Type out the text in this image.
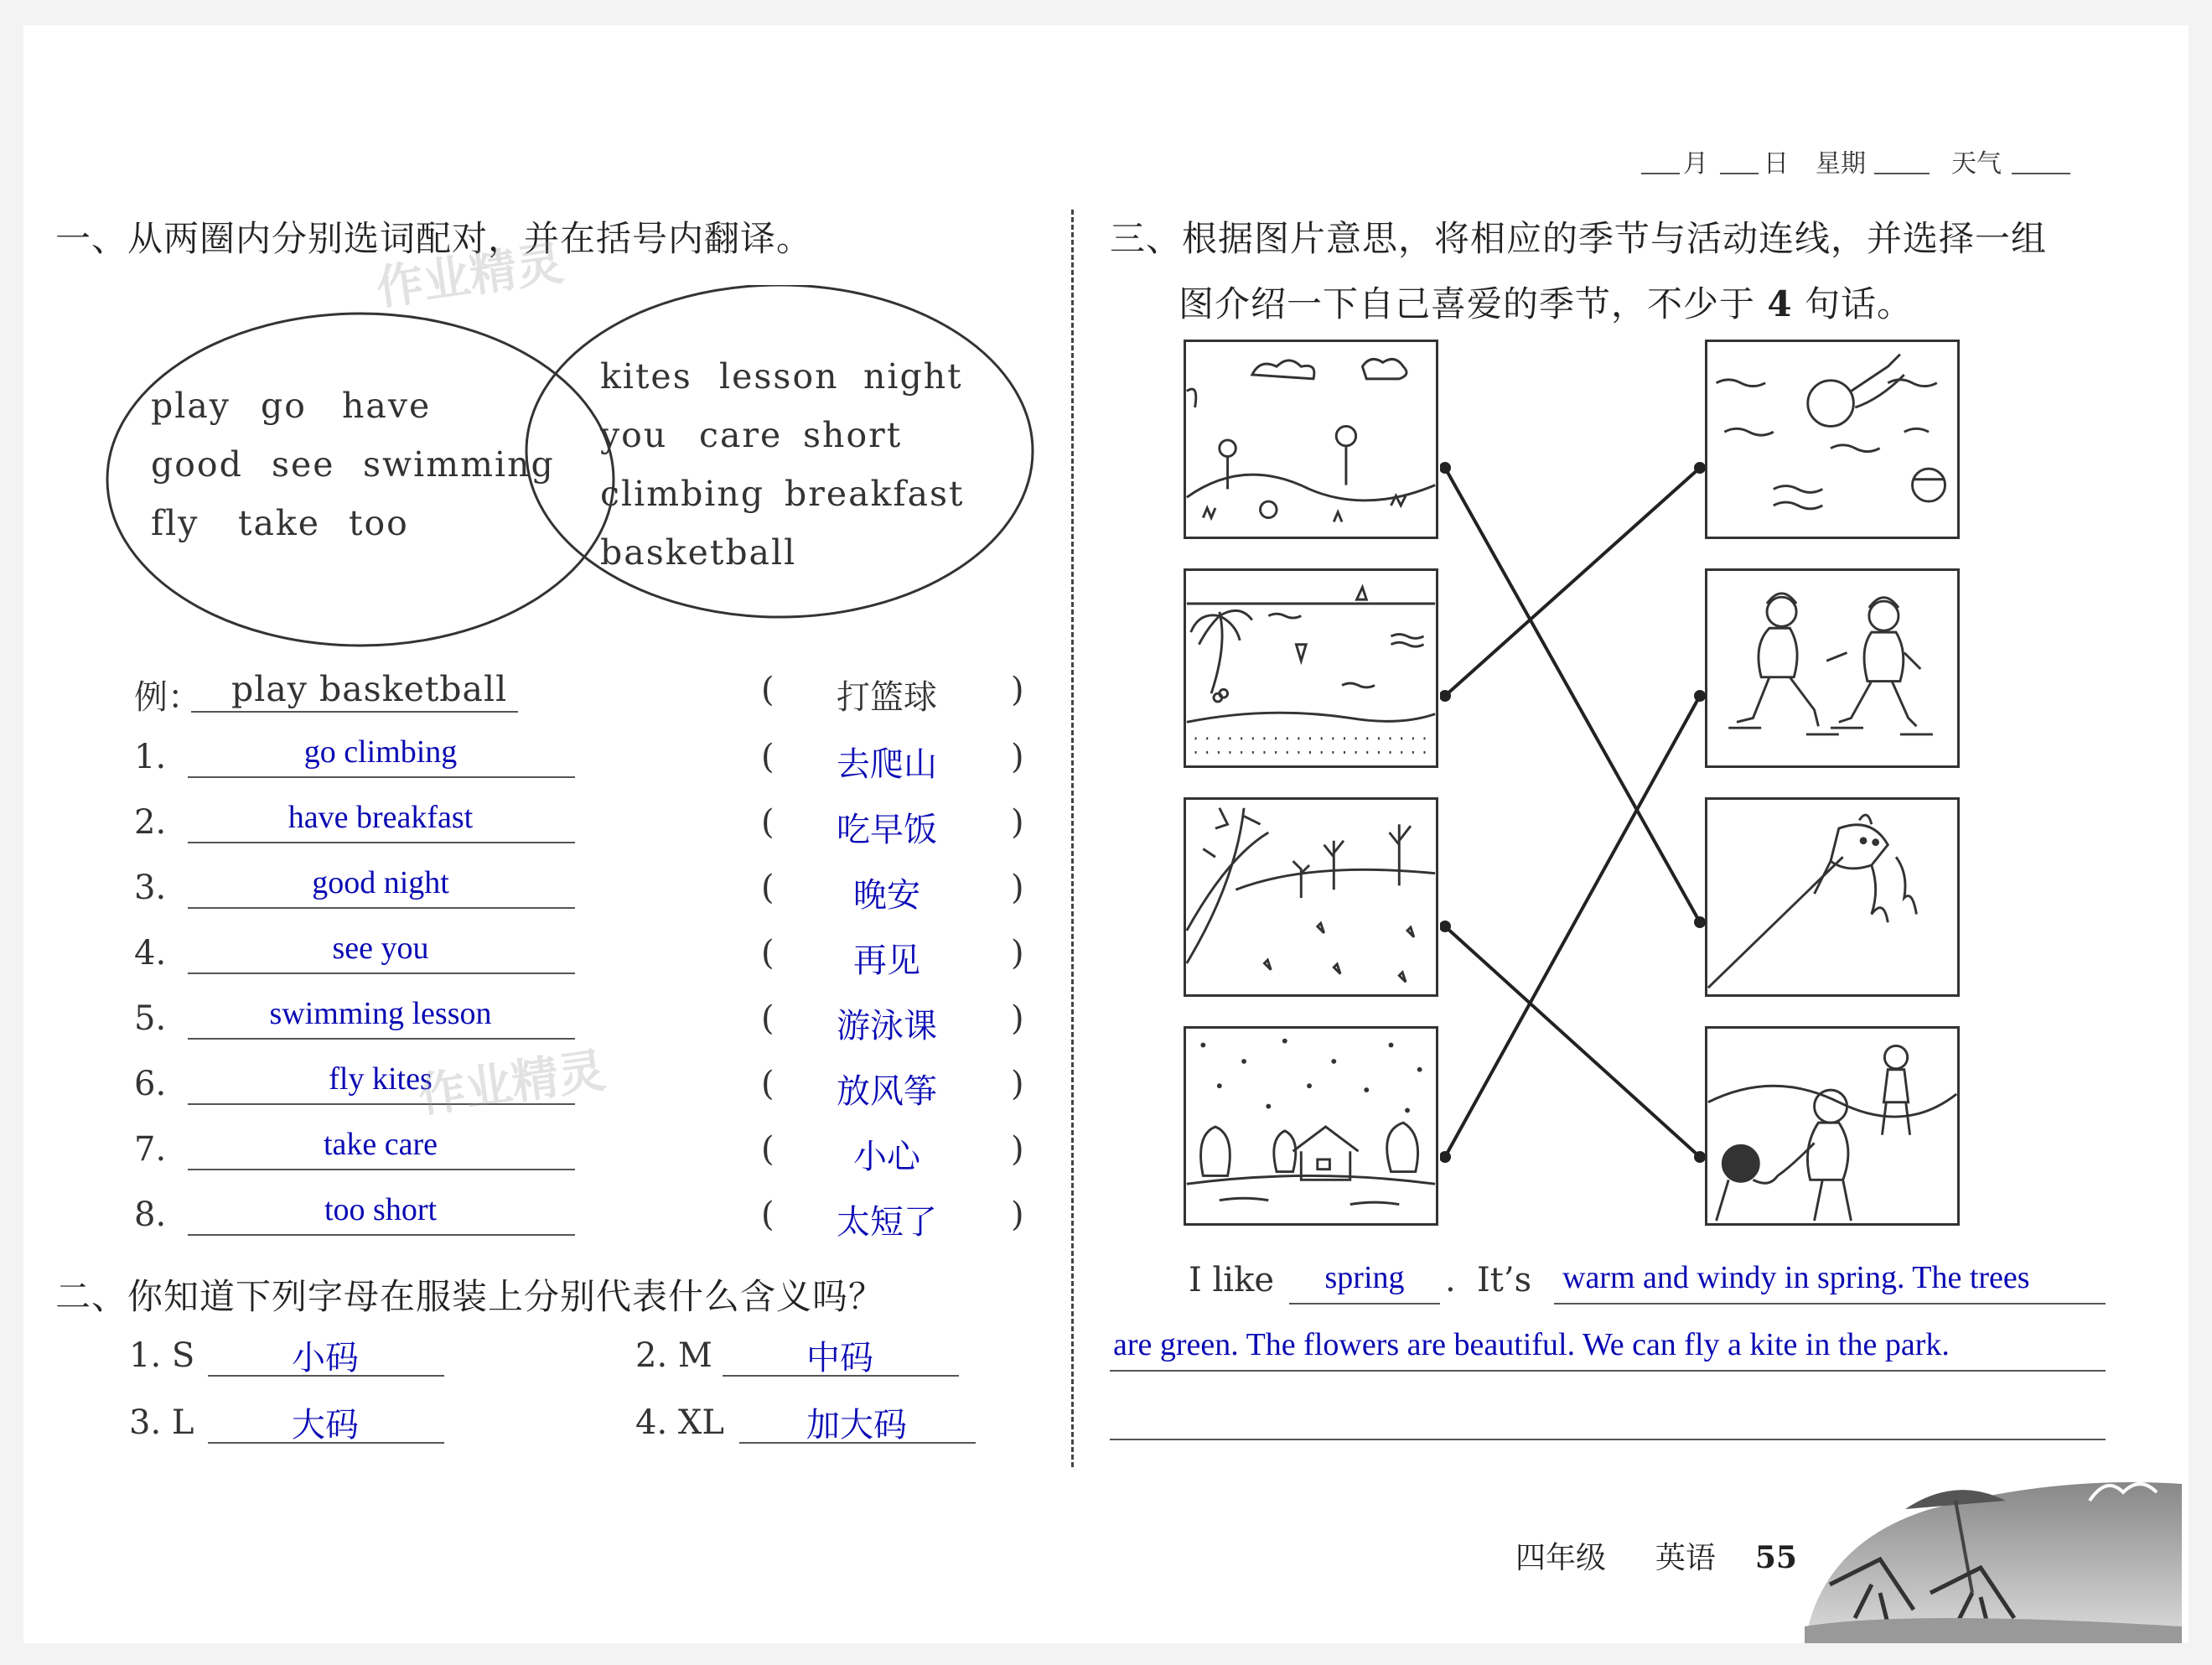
月 日 星期	天气
一、从两圈内分别选词配对，并在括号内翻译。
play go have
good see swimming
fly take too
kites lesson night
you care short
climbing breakfast
basketball
例： play basketball	(	打篮球	)
1.	go climbing	(	去爬山	)
2.	have breakfast	(	吃早饭	)
3.	good night	(	晚安	)
4.	see you	(	再见	)
5.	swimming lesson	(	游泳课	)
6.	fly kites	(	放风筝	)
7.	take care	(	小心	)
8.	too short	(	太短了	)
二、你知道下列字母在服装上分别代表什么含义吗？
1. S	小码	2. M	中码
3. L	大码	4. XL	加大码
三、根据图片意思，将相应的季节与活动连线，并选择一组
图介绍一下自己喜爱的季节，不少于 4 句话。
I like	spring	. It’s warm and windy in spring. The trees
are green. The flowers are beautiful. We can fly a kite in the park.
四年级 英语 55
作业精灵
作业精灵
